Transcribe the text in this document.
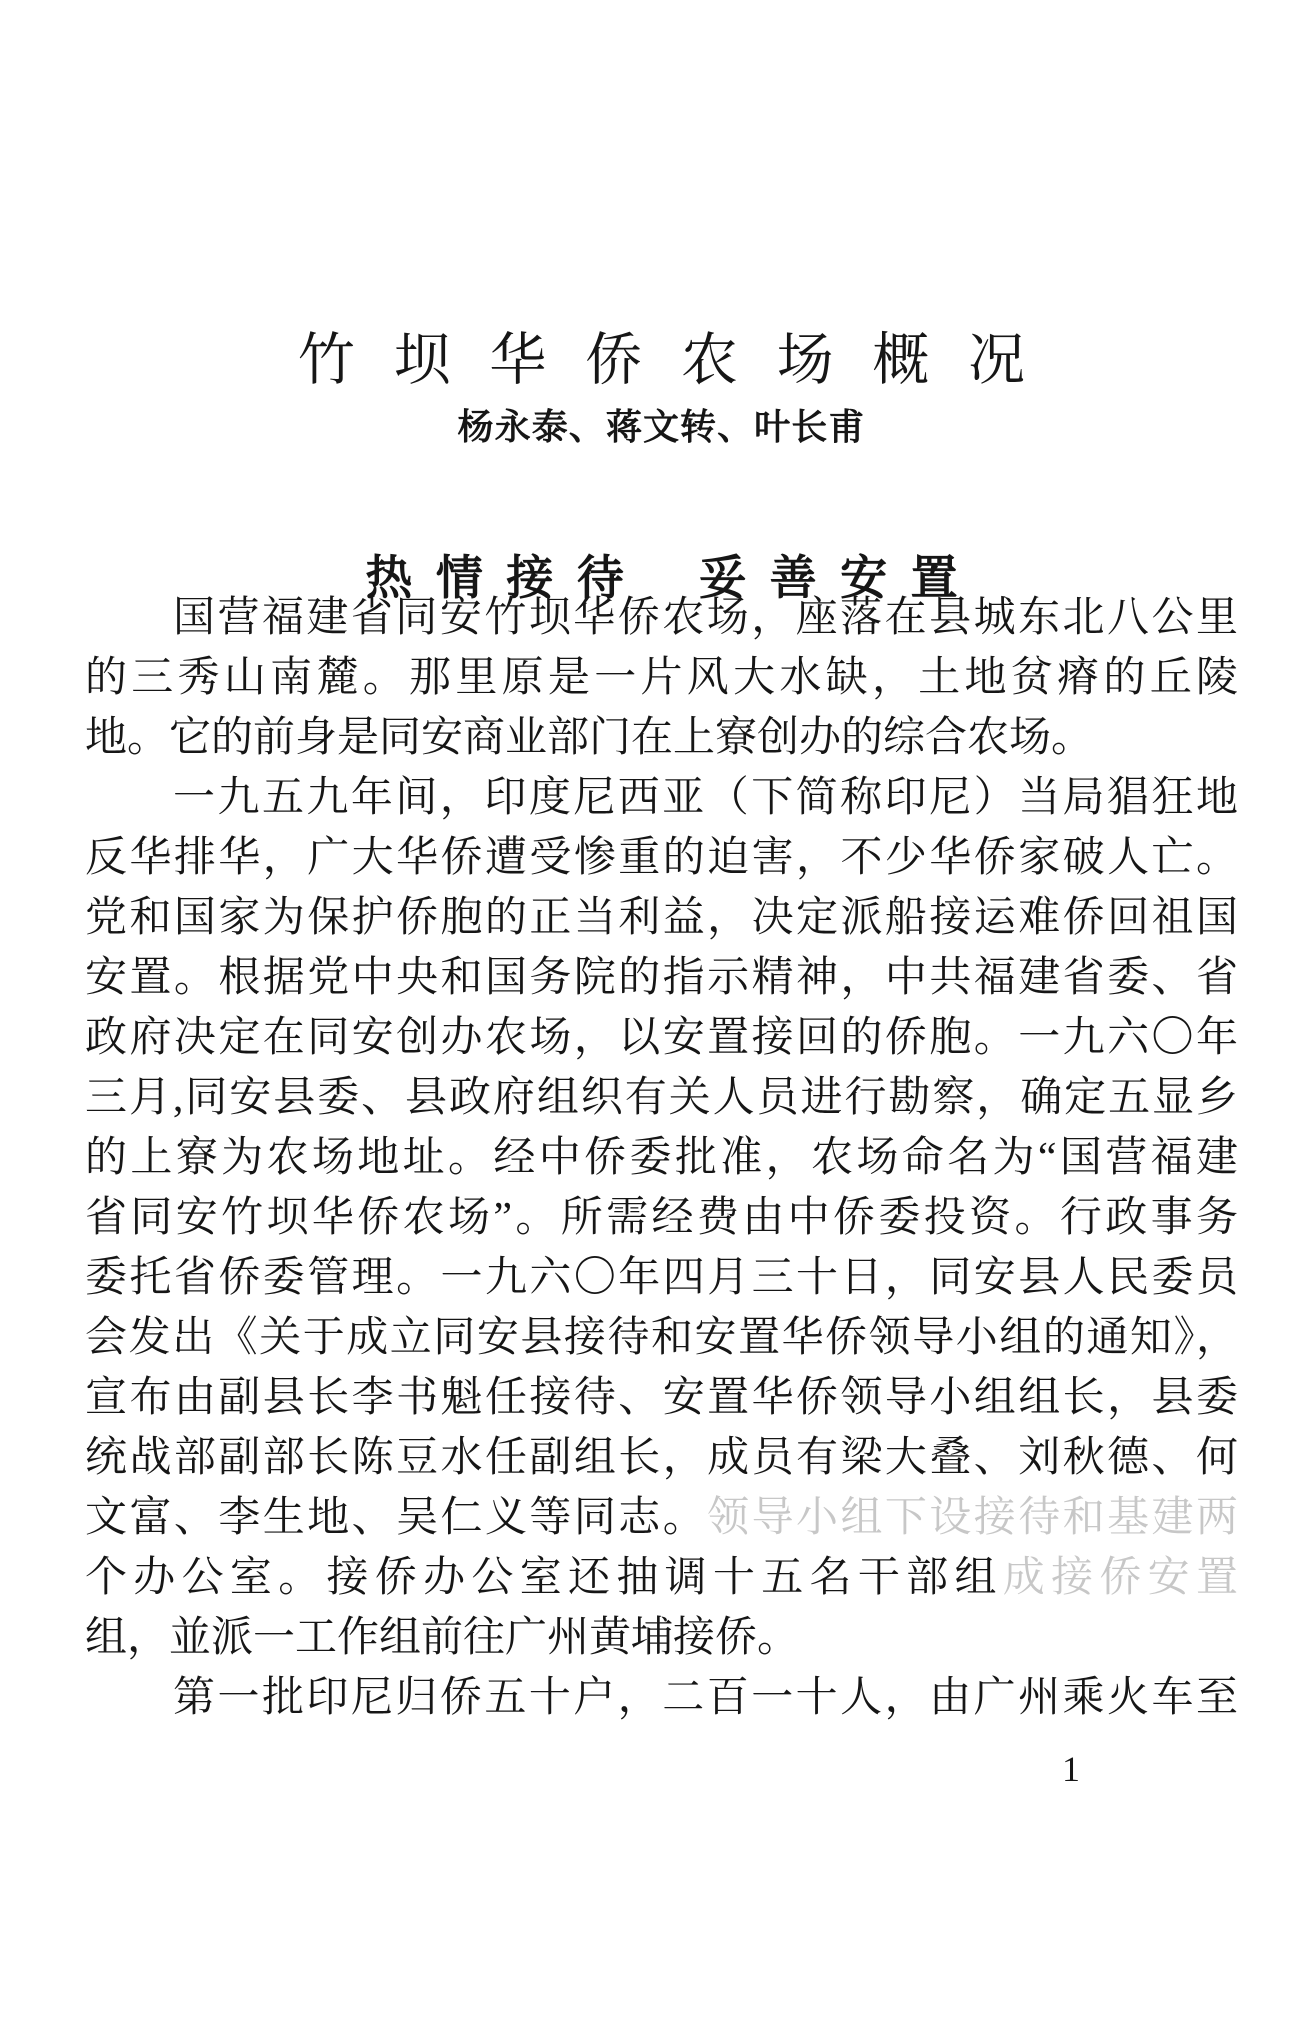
竹坝华侨农场概况
杨永泰、蒋文转、叶长甫
热情接待 妥善安置
国营福建省同安竹坝华侨农场，座落在县城东北八公里
的三秀山南麓。那里原是一片风大水缺，土地贫瘠的丘陵
地。它的前身是同安商业部门在上寮创办的综合农场。
一九五九年间，印度尼西亚（下简称印尼）当局猖狂地
反华排华，广大华侨遭受惨重的迫害，不少华侨家破人亡。
党和国家为保护侨胞的正当利益，决定派船接运难侨回祖国
安置。根据党中央和国务院的指示精神，中共福建省委、省
政府决定在同安创办农场，以安置接回的侨胞。一九六〇年
三月,同安县委、县政府组织有关人员进行勘察，确定五显乡
的上寮为农场地址。经中侨委批准，农场命名为“国营福建
省同安竹坝华侨农场”。所需经费由中侨委投资。行政事务
委托省侨委管理。一九六〇年四月三十日，同安县人民委员
会发出《关于成立同安县接待和安置华侨领导小组的通知》，
宣布由副县长李书魁任接待、安置华侨领导小组组长，县委
统战部副部长陈豆水任副组长，成员有梁大叠、刘秋德、何
文富、李生地、吴仁义等同志。领导小组下设接待和基建两
个办公室。接侨办公室还抽调十五名干部组成接侨安置
组，並派一工作组前往广州黄埔接侨。
第一批印尼归侨五十户，二百一十人，由广州乘火车至
1
